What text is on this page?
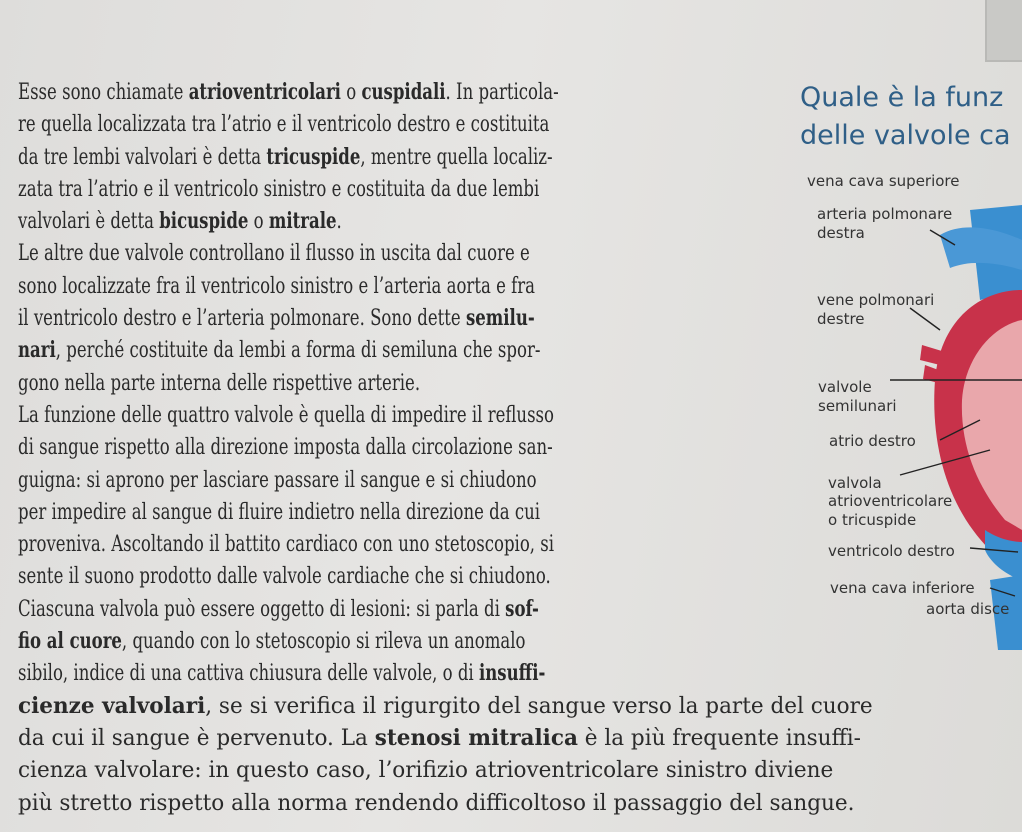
Quale è la funz
delle valvole ca
vena cava superiore
arteria polmonare
destra
vene polmonari
destre
valvole
semilunari
atrio destro
valvola
atrioventricolare
o tricuspide
ventricolo destro
vena cava inferiore
aorta disce
Esse sono chiamate atrioventricolari o cuspidali. In particola-
re quella localizzata tra l’atrio e il ventricolo destro e costituita
da tre lembi valvolari è detta tricuspide, mentre quella localiz-
zata tra l’atrio e il ventricolo sinistro e costituita da due lembi
valvolari è detta bicuspide o mitrale.
Le altre due valvole controllano il flusso in uscita dal cuore e
sono localizzate fra il ventricolo sinistro e l’arteria aorta e fra
il ventricolo destro e l’arteria polmonare. Sono dette semilu-
nari, perché costituite da lembi a forma di semiluna che spor-
gono nella parte interna delle rispettive arterie.
La funzione delle quattro valvole è quella di impedire il reflusso
di sangue rispetto alla direzione imposta dalla circolazione san-
guigna: si aprono per lasciare passare il sangue e si chiudono
per impedire al sangue di fluire indietro nella direzione da cui
proveniva. Ascoltando il battito cardiaco con uno stetoscopio, si
sente il suono prodotto dalle valvole cardiache che si chiudono.
Ciascuna valvola può essere oggetto di lesioni: si parla di sof-
fio al cuore, quando con lo stetoscopio si rileva un anomalo
sibilo, indice di una cattiva chiusura delle valvole, o di insuffi-
cienze valvolari, se si verifica il rigurgito del sangue verso la parte del cuore
da cui il sangue è pervenuto. La stenosi mitralica è la più frequente insuffi-
cienza valvolare: in questo caso, l’orifizio atrioventricolare sinistro diviene
più stretto rispetto alla norma rendendo difficoltoso il passaggio del sangue.
